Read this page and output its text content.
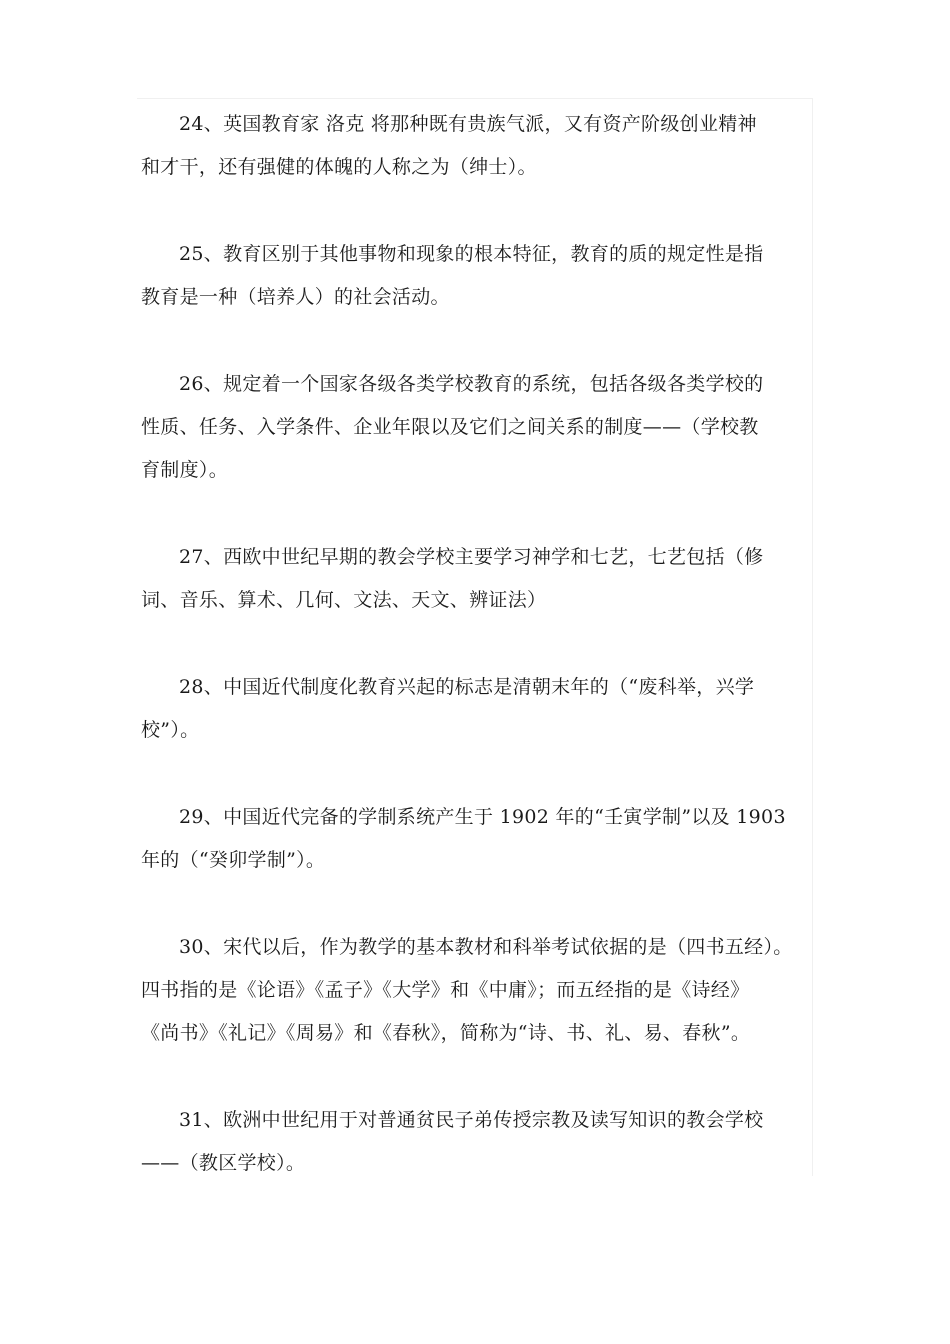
24、英国教育家 洛克 将那种既有贵族气派，又有资产阶级创业精神
和才干，还有强健的体魄的人称之为（绅士）。

25、教育区别于其他事物和现象的根本特征，教育的质的规定性是指
教育是一种（培养人）的社会活动。

26、规定着一个国家各级各类学校教育的系统，包括各级各类学校的
性质、任务、入学条件、企业年限以及它们之间关系的制度——（学校教
育制度）。

27、西欧中世纪早期的教会学校主要学习神学和七艺，七艺包括（修
词、音乐、算术、几何、文法、天文、辨证法）

28、中国近代制度化教育兴起的标志是清朝末年的（“废科举，兴学
校”）。

29、中国近代完备的学制系统产生于 1902 年的“壬寅学制”以及 1903
年的（“癸卯学制”）。

30、宋代以后，作为教学的基本教材和科举考试依据的是（四书五经）。
四书指的是《论语》《孟子》《大学》和《中庸》；而五经指的是《诗经》
《尚书》《礼记》《周易》和《春秋》，简称为“诗、书、礼、易、春秋”。

31、欧洲中世纪用于对普通贫民子弟传授宗教及读写知识的教会学校
——（教区学校）。
